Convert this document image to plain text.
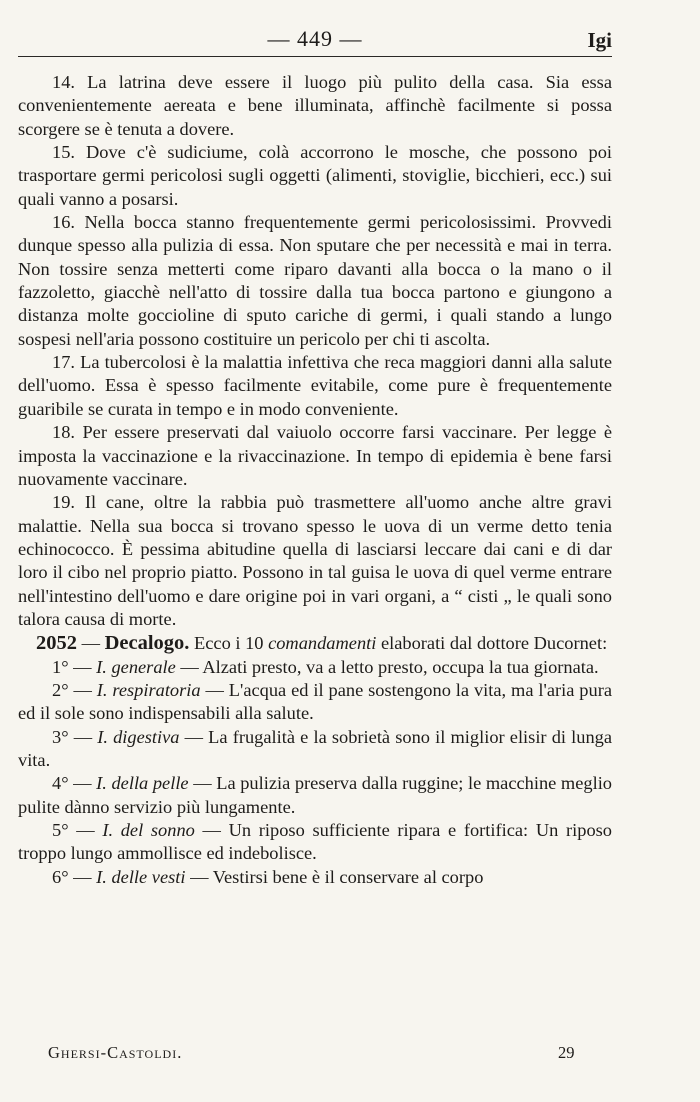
— 449 —	Igi

14. La latrina deve essere il luogo più pulito della casa. Sia essa convenientemente aereata e bene illuminata, affinchè facilmente si possa scorgere se è tenuta a dovere.

15. Dove c'è sudiciume, colà accorrono le mosche, che possono poi trasportare germi pericolosi sugli oggetti (alimenti, stoviglie, bicchieri, ecc.) sui quali vanno a posarsi.

16. Nella bocca stanno frequentemente germi pericolosissimi. Provvedi dunque spesso alla pulizia di essa. Non sputare che per necessità e mai in terra. Non tossire senza metterti come riparo davanti alla bocca o la mano o il fazzoletto, giacchè nell'atto di tossire dalla tua bocca partono e giungono a distanza molte goccioline di sputo cariche di germi, i quali stando a lungo sospesi nell'aria possono costituire un pericolo per chi ti ascolta.

17. La tubercolosi è la malattia infettiva che reca maggiori danni alla salute dell'uomo. Essa è spesso facilmente evitabile, come pure è frequentemente guaribile se curata in tempo e in modo conveniente.

18. Per essere preservati dal vaiuolo occorre farsi vaccinare. Per legge è imposta la vaccinazione e la rivaccinazione. In tempo di epidemia è bene farsi nuovamente vaccinare.

19. Il cane, oltre la rabbia può trasmettere all'uomo anche altre gravi malattie. Nella sua bocca si trovano spesso le uova di un verme detto tenia echinococco. È pessima abitudine quella di lasciarsi leccare dai cani e di dar loro il cibo nel proprio piatto. Possono in tal guisa le uova di quel verme entrare nell'intestino dell'uomo e dare origine poi in vari organi, a “ cisti „ le quali sono talora causa di morte.

2052 — Decalogo. Ecco i 10 comandamenti elaborati dal dottore Ducornet:

1° — I. generale — Alzati presto, va a letto presto, occupa la tua giornata.

2° — I. respiratoria — L'acqua ed il pane sostengono la vita, ma l'aria pura ed il sole sono indispensabili alla salute.

3° — I. digestiva — La frugalità e la sobrietà sono il miglior elisir di lunga vita.

4° — I. della pelle — La pulizia preserva dalla ruggine; le macchine meglio pulite dànno servizio più lungamente.

5° — I. del sonno — Un riposo sufficiente ripara e fortifica: Un riposo troppo lungo ammollisce ed indebolisce.

6° — I. delle vesti — Vestirsi bene è il conservare al corpo

Ghersi-Castoldi.	29
